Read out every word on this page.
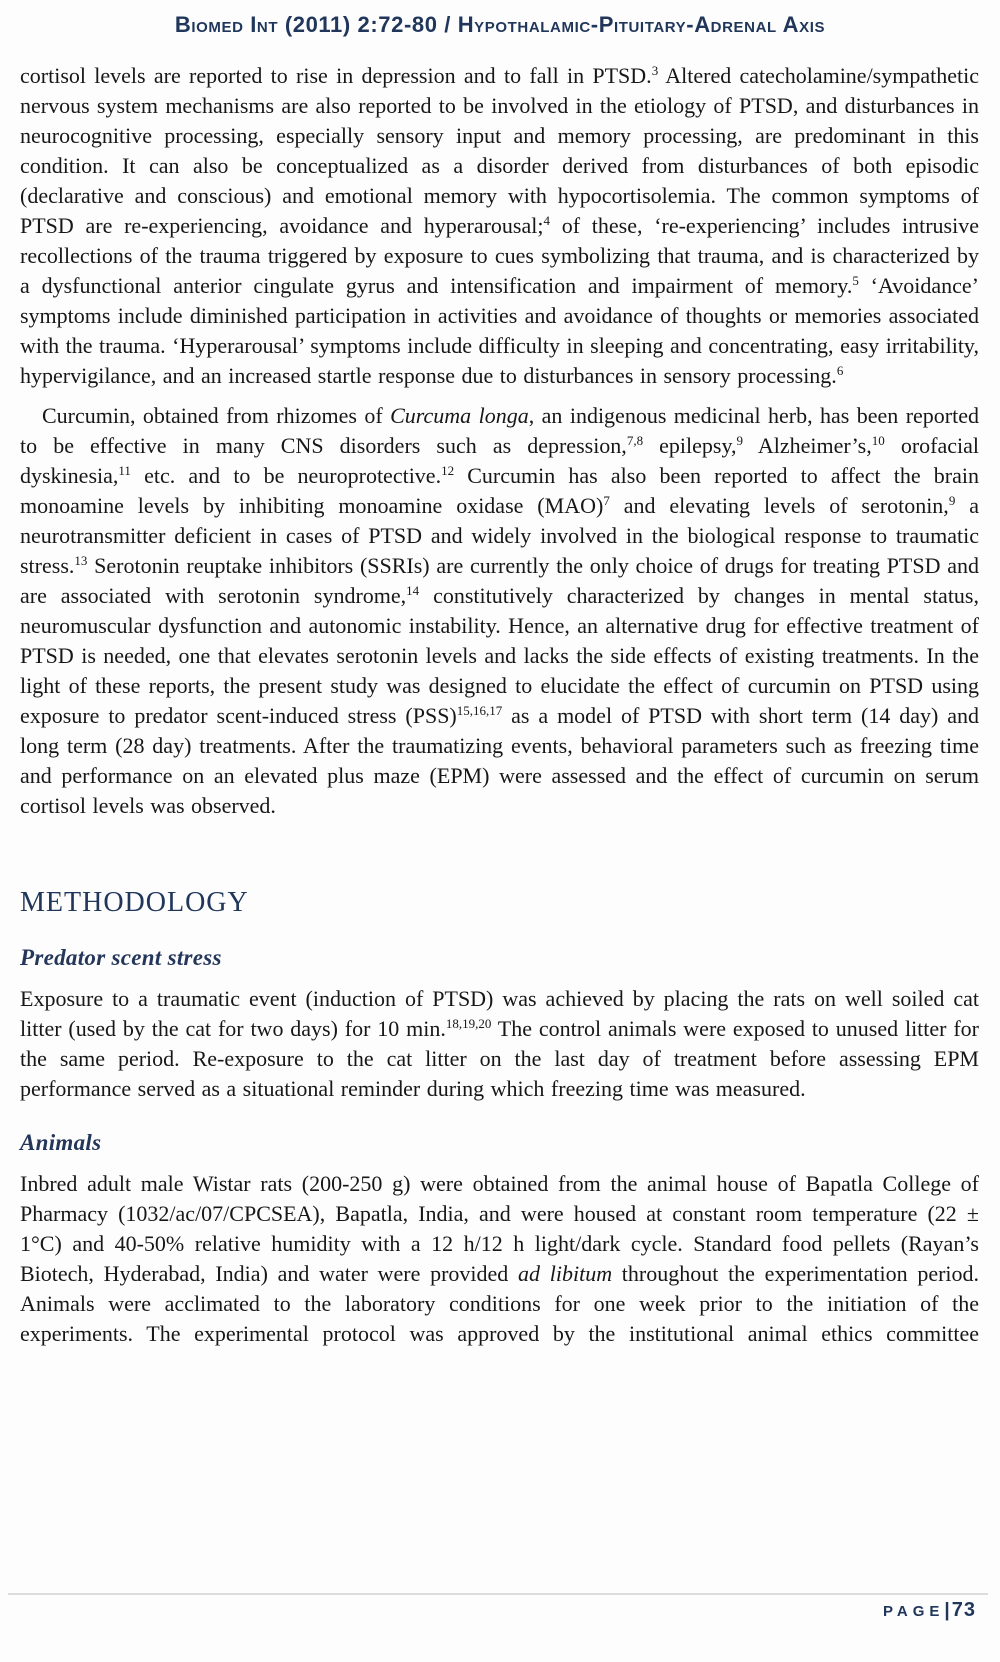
Biomed Int (2011) 2:72-80 / Hypothalamic-Pituitary-Adrenal Axis

cortisol levels are reported to rise in depression and to fall in PTSD.$^3$ Altered catecholamine/sympathetic nervous system mechanisms are also reported to be involved in the etiology of PTSD, and disturbances in neurocognitive processing, especially sensory input and memory processing, are predominant in this condition. It can also be conceptualized as a disorder derived from disturbances of both episodic (declarative and conscious) and emotional memory with hypocortisolemia. The common symptoms of PTSD are re-experiencing, avoidance and hyperarousal;$^4$ of these, ‘re-experiencing’ includes intrusive recollections of the trauma triggered by exposure to cues symbolizing that trauma, and is characterized by a dysfunctional anterior cingulate gyrus and intensification and impairment of memory.$^5$ ‘Avoidance’ symptoms include diminished participation in activities and avoidance of thoughts or memories associated with the trauma. ‘Hyperarousal’ symptoms include difficulty in sleeping and concentrating, easy irritability, hypervigilance, and an increased startle response due to disturbances in sensory processing.$^6$

Curcumin, obtained from rhizomes of Curcuma longa, an indigenous medicinal herb, has been reported to be effective in many CNS disorders such as depression,$^{7,8}$ epilepsy,$^9$ Alzheimer’s,$^{10}$ orofacial dyskinesia,$^{11}$ etc. and to be neuroprotective.$^{12}$ Curcumin has also been reported to affect the brain monoamine levels by inhibiting monoamine oxidase (MAO)$^7$ and elevating levels of serotonin,$^9$ a neurotransmitter deficient in cases of PTSD and widely involved in the biological response to traumatic stress.$^{13}$ Serotonin reuptake inhibitors (SSRIs) are currently the only choice of drugs for treating PTSD and are associated with serotonin syndrome,$^{14}$ constitutively characterized by changes in mental status, neuromuscular dysfunction and autonomic instability. Hence, an alternative drug for effective treatment of PTSD is needed, one that elevates serotonin levels and lacks the side effects of existing treatments. In the light of these reports, the present study was designed to elucidate the effect of curcumin on PTSD using exposure to predator scent-induced stress (PSS)$^{15,16,17}$ as a model of PTSD with short term (14 day) and long term (28 day) treatments. After the traumatizing events, behavioral parameters such as freezing time and performance on an elevated plus maze (EPM) were assessed and the effect of curcumin on serum cortisol levels was observed.

METHODOLOGY
Predator scent stress

Exposure to a traumatic event (induction of PTSD) was achieved by placing the rats on well soiled cat litter (used by the cat for two days) for 10 min.$^{18,19,20}$ The control animals were exposed to unused litter for the same period. Re-exposure to the cat litter on the last day of treatment before assessing EPM performance served as a situational reminder during which freezing time was measured.

Animals

Inbred adult male Wistar rats (200-250 g) were obtained from the animal house of Bapatla College of Pharmacy (1032/ac/07/CPCSEA), Bapatla, India, and were housed at constant room temperature (22 ± 1°C) and 40-50% relative humidity with a 12 h/12 h light/dark cycle. Standard food pellets (Rayan’s Biotech, Hyderabad, India) and water were provided ad libitum throughout the experimentation period. Animals were acclimated to the laboratory conditions for one week prior to the initiation of the experiments. The experimental protocol was approved by the institutional animal ethics committee

PAGE| 73
